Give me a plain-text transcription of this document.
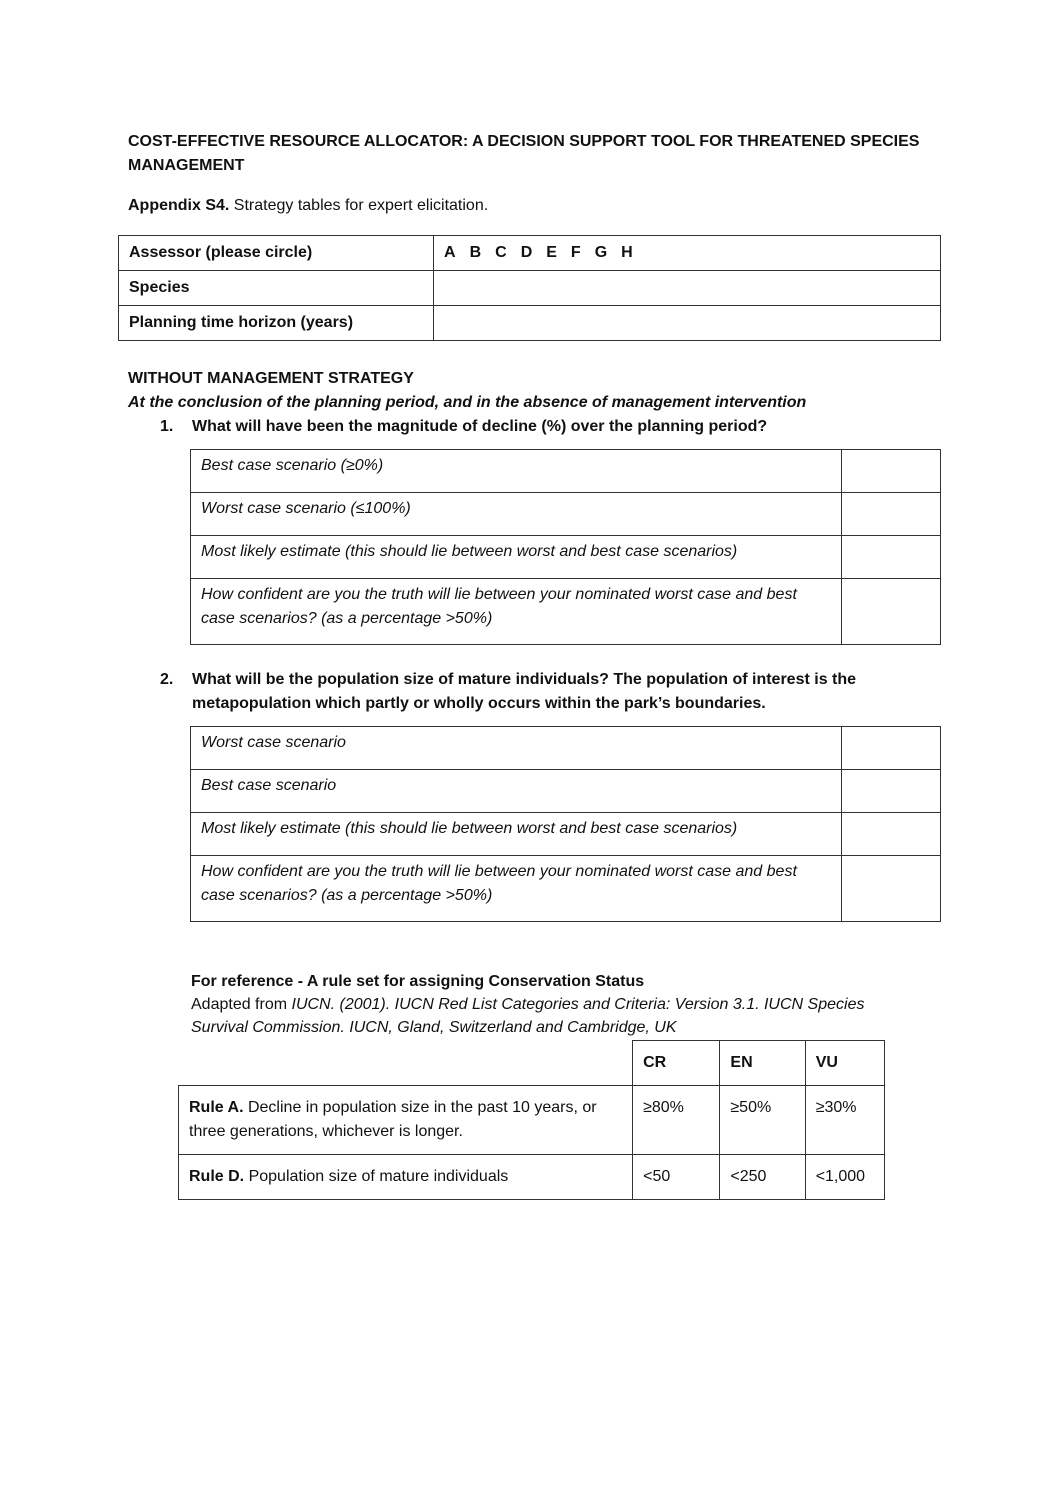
COST-EFFECTIVE RESOURCE ALLOCATOR: A DECISION SUPPORT TOOL FOR THREATENED SPECIES MANAGEMENT
Appendix S4. Strategy tables for expert elicitation.
Assessor (please circle)	A B C D E F G H
Species	
Planning time horizon (years)	
WITHOUT MANAGEMENT STRATEGY
At the conclusion of the planning period, and in the absence of management intervention
1. What will have been the magnitude of decline (%) over the planning period?
Best case scenario (≥0%)	
Worst case scenario (≤100%)	
Most likely estimate (this should lie between worst and best case scenarios)	
How confident are you the truth will lie between your nominated worst case and best case scenarios? (as a percentage >50%)	
2. What will be the population size of mature individuals? The population of interest is the metapopulation which partly or wholly occurs within the park’s boundaries.
Worst case scenario	
Best case scenario	
Most likely estimate (this should lie between worst and best case scenarios)	
How confident are you the truth will lie between your nominated worst case and best case scenarios? (as a percentage >50%)	
For reference - A rule set for assigning Conservation Status
Adapted from IUCN. (2001). IUCN Red List Categories and Criteria: Version 3.1. IUCN Species Survival Commission. IUCN, Gland, Switzerland and Cambridge, UK
	CR	EN	VU
Rule A. Decline in population size in the past 10 years, or three generations, whichever is longer.	≥80%	≥50%	≥30%
Rule D. Population size of mature individuals	<50	<250	<1,000
